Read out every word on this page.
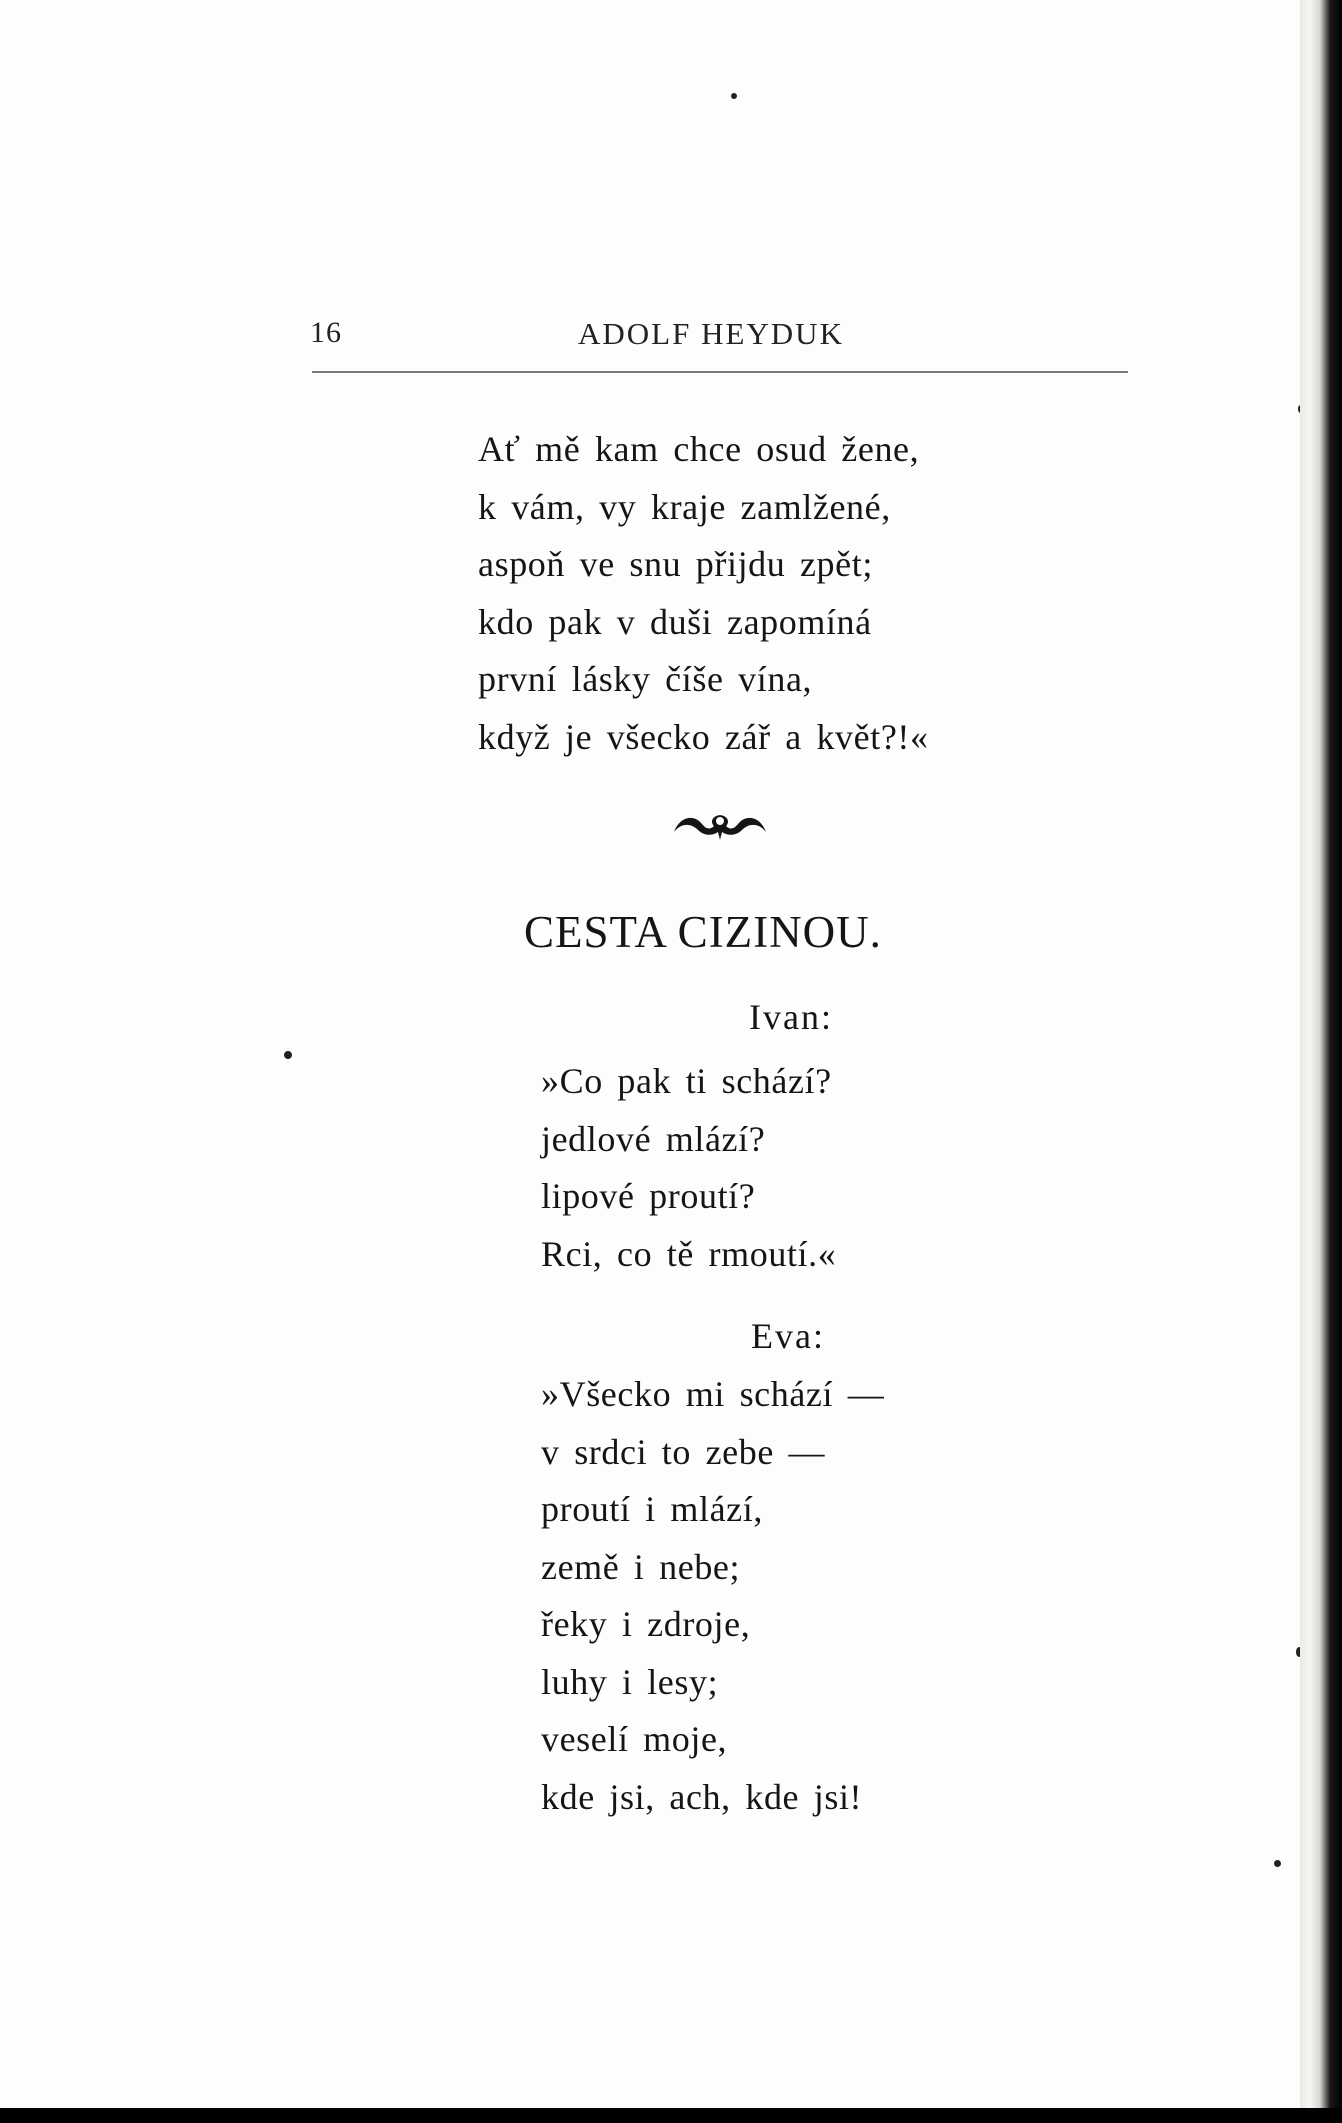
16	ADOLF HEYDUK
Ať mě kam chce osud žene,
k vám, vy kraje zamlžené,
aspoň ve snu přijdu zpět;
kdo pak v duši zapomíná
první lásky číše vína,
když je všecko zář a květ?!«
CESTA CIZINOU.
Ivan:
»Co pak ti schází?
jedlové mlází?
lipové proutí?
Rci, co tě rmoutí.«
Eva:
»Všecko mi schází —
v srdci to zebe —
proutí i mlází,
země i nebe;
řeky i zdroje,
luhy i lesy;
veselí moje,
kde jsi, ach, kde jsi!
